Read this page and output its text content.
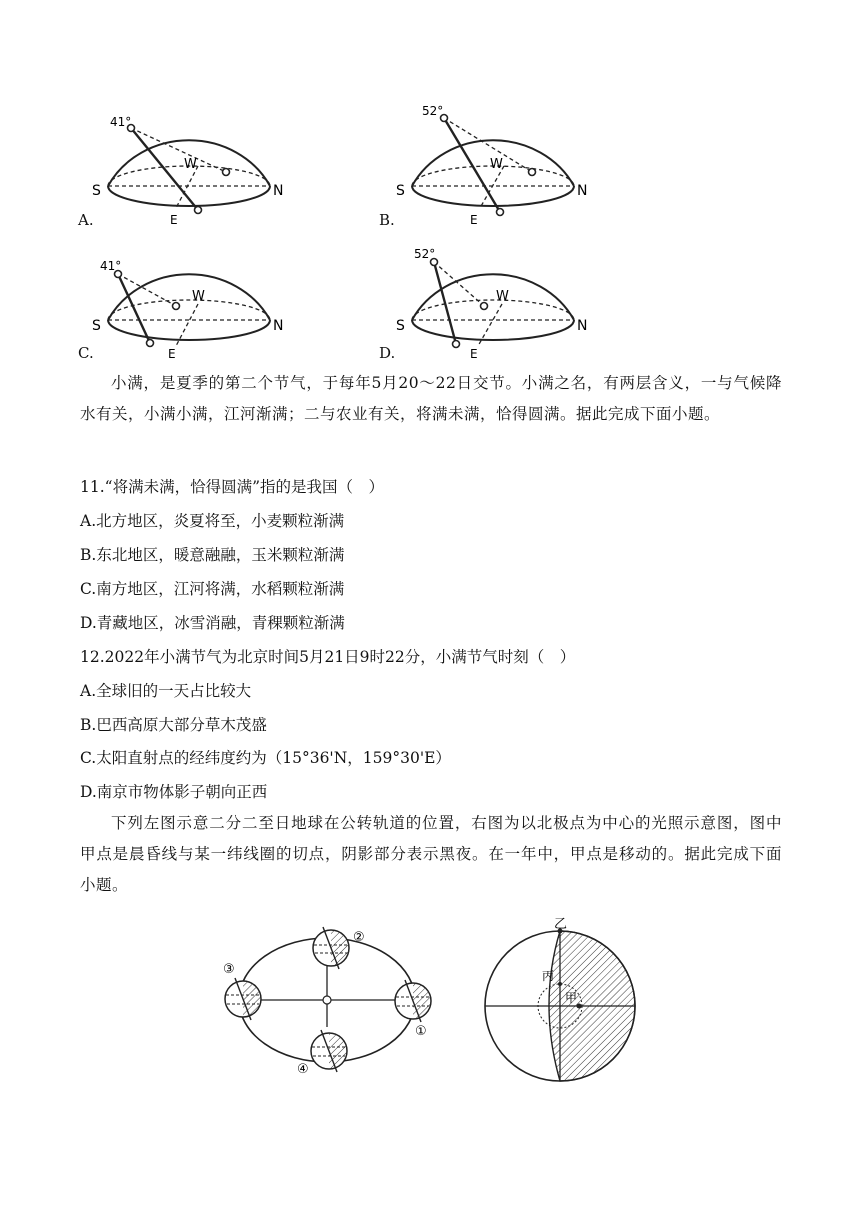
41°
S	N
E
W
A.
52°
S	N
E
W
B.
41°
S	N
E
W
C.
52°
S	N
E
W
D.
小满，是夏季的第二个节气，于每年5月20～22日交节。小满之名，有两层含义，一与气候降水有关，小满小满，江河渐满；二与农业有关，将满未满，恰得圆满。据此完成下面小题。
11.“将满未满，恰得圆满”指的是我国（　）
A.北方地区，炎夏将至，小麦颗粒渐满
B.东北地区，暖意融融，玉米颗粒渐满
C.南方地区，江河将满，水稻颗粒渐满
D.青藏地区，冰雪消融，青稞颗粒渐满
12.2022年小满节气为北京时间5月21日9时22分，小满节气时刻（　）
A.全球旧的一天占比较大
B.巴西高原大部分草木茂盛
C.太阳直射点的经纬度约为（15°36'N，159°30'E）
D.南京市物体影子朝向正西
下列左图示意二分二至日地球在公转轨道的位置，右图为以北极点为中心的光照示意图，图中甲点是晨昏线与某一纬线圈的切点，阴影部分表示黑夜。在一年中，甲点是移动的。据此完成下面小题。
②
③
①
④
乙
丙
甲
